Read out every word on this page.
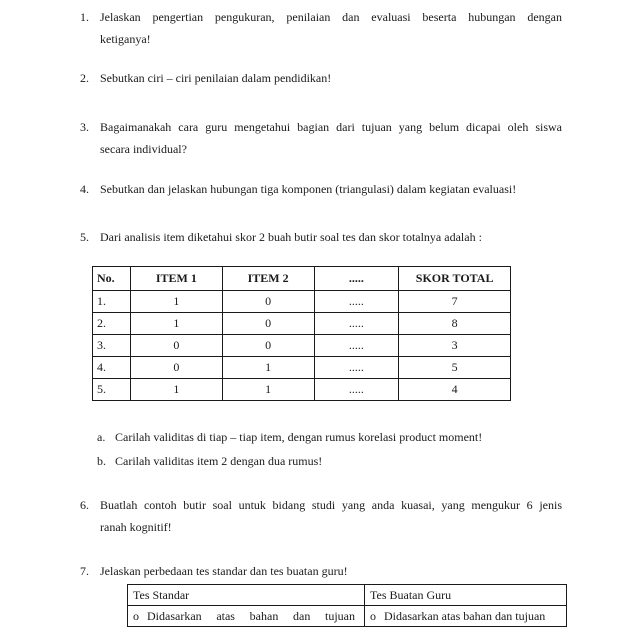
1. Jelaskan pengertian pengukuran, penilaian dan evaluasi beserta hubungan dengan
ketiganya!
2. Sebutkan ciri – ciri penilaian dalam pendidikan!
3. Bagaimanakah cara guru mengetahui bagian dari tujuan yang belum dicapai oleh siswa
secara individual?
4. Sebutkan dan jelaskan hubungan tiga komponen (triangulasi) dalam kegiatan evaluasi!
5. Dari analisis item diketahui skor 2 buah butir soal tes dan skor totalnya adalah :
No.	ITEM 1	ITEM 2	.....	SKOR TOTAL
1.	1	0	.....	7
2.	1	0	.....	8
3.	0	0	.....	3
4.	0	1	.....	5
5.	1	1	.....	4
a. Carilah validitas di tiap – tiap item, dengan rumus korelasi product moment!
b. Carilah validitas item 2 dengan dua rumus!
6. Buatlah contoh butir soal untuk bidang studi yang anda kuasai, yang mengukur 6 jenis
ranah kognitif!
7. Jelaskan perbedaan tes standar dan tes buatan guru!
Tes Standar	Tes Buatan Guru
o Didasarkan atas bahan dan tujuan	o Didasarkan atas bahan dan tujuan
